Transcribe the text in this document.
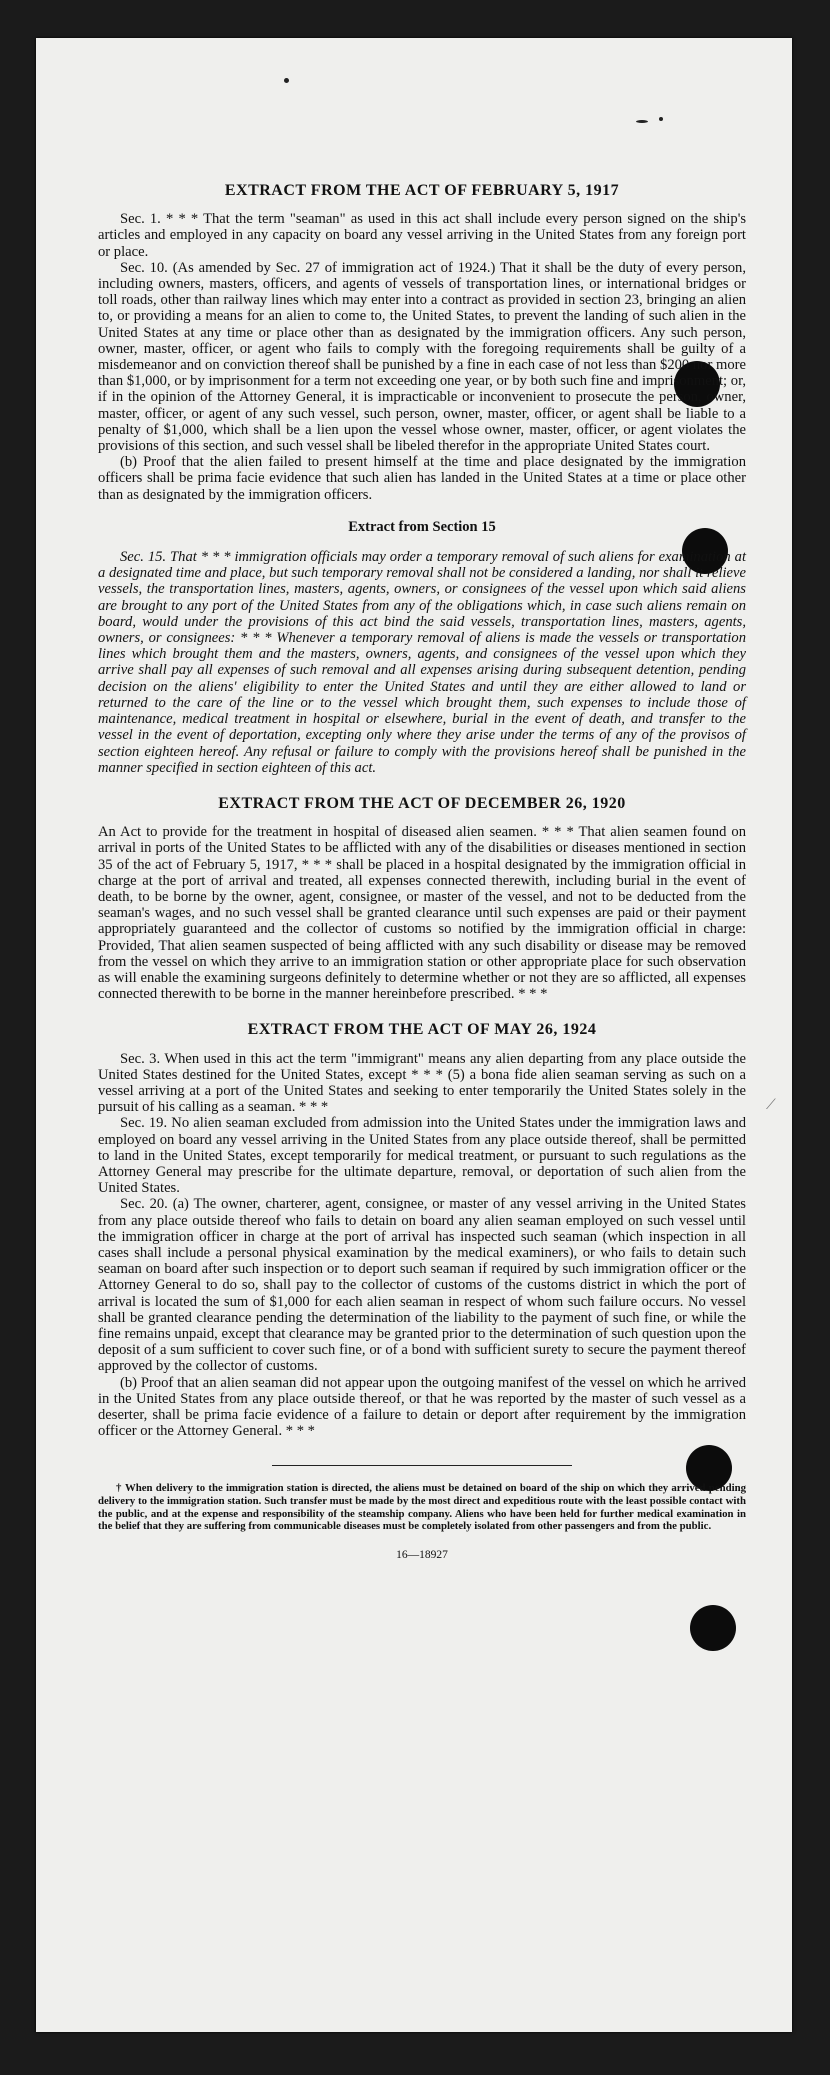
⟋
EXTRACT FROM THE ACT OF FEBRUARY 5, 1917

Sec. 1. * * * That the term "seaman" as used in this act shall include every person signed on the ship's articles and employed in any capacity on board any vessel arriving in the United States from any foreign port or place.

Sec. 10. (As amended by Sec. 27 of immigration act of 1924.) That it shall be the duty of every person, including owners, masters, officers, and agents of vessels of transportation lines, or international bridges or toll roads, other than railway lines which may enter into a contract as provided in section 23, bringing an alien to, or providing a means for an alien to come to, the United States, to prevent the landing of such alien in the United States at any time or place other than as designated by the immigration officers. Any such person, owner, master, officer, or agent who fails to comply with the foregoing requirements shall be guilty of a misdemeanor and on conviction thereof shall be punished by a fine in each case of not less than $200 nor more than $1,000, or by imprisonment for a term not exceeding one year, or by both such fine and imprisonment; or, if in the opinion of the Attorney General, it is impracticable or inconvenient to prosecute the person, owner, master, officer, or agent of any such vessel, such person, owner, master, officer, or agent shall be liable to a penalty of $1,000, which shall be a lien upon the vessel whose owner, master, officer, or agent violates the provisions of this section, and such vessel shall be libeled therefor in the appropriate United States court.

(b) Proof that the alien failed to present himself at the time and place designated by the immigration officers shall be prima facie evidence that such alien has landed in the United States at a time or place other than as designated by the immigration officers.

Extract from Section 15

Sec. 15. That * * * immigration officials may order a temporary removal of such aliens for examination at a designated time and place, but such temporary removal shall not be considered a landing, nor shall it relieve vessels, the transportation lines, masters, agents, owners, or consignees of the vessel upon which said aliens are brought to any port of the United States from any of the obligations which, in case such aliens remain on board, would under the provisions of this act bind the said vessels, transportation lines, masters, agents, owners, or consignees: * * * Whenever a temporary removal of aliens is made the vessels or transportation lines which brought them and the masters, owners, agents, and consignees of the vessel upon which they arrive shall pay all expenses of such removal and all expenses arising during subsequent detention, pending decision on the aliens' eligibility to enter the United States and until they are either allowed to land or returned to the care of the line or to the vessel which brought them, such expenses to include those of maintenance, medical treatment in hospital or elsewhere, burial in the event of death, and transfer to the vessel in the event of deportation, excepting only where they arise under the terms of any of the provisos of section eighteen hereof. Any refusal or failure to comply with the provisions hereof shall be punished in the manner specified in section eighteen of this act.

EXTRACT FROM THE ACT OF DECEMBER 26, 1920

An Act to provide for the treatment in hospital of diseased alien seamen. * * * That alien seamen found on arrival in ports of the United States to be afflicted with any of the disabilities or diseases mentioned in section 35 of the act of February 5, 1917, * * * shall be placed in a hospital designated by the immigration official in charge at the port of arrival and treated, all expenses connected therewith, including burial in the event of death, to be borne by the owner, agent, consignee, or master of the vessel, and not to be deducted from the seaman's wages, and no such vessel shall be granted clearance until such expenses are paid or their payment appropriately guaranteed and the collector of customs so notified by the immigration official in charge: Provided, That alien seamen suspected of being afflicted with any such disability or disease may be removed from the vessel on which they arrive to an immigration station or other appropriate place for such observation as will enable the examining surgeons definitely to determine whether or not they are so afflicted, all expenses connected therewith to be borne in the manner hereinbefore prescribed. * * *

EXTRACT FROM THE ACT OF MAY 26, 1924

Sec. 3. When used in this act the term "immigrant" means any alien departing from any place outside the United States destined for the United States, except * * * (5) a bona fide alien seaman serving as such on a vessel arriving at a port of the United States and seeking to enter temporarily the United States solely in the pursuit of his calling as a seaman. * * *

Sec. 19. No alien seaman excluded from admission into the United States under the immigration laws and employed on board any vessel arriving in the United States from any place outside thereof, shall be permitted to land in the United States, except temporarily for medical treatment, or pursuant to such regulations as the Attorney General may prescribe for the ultimate departure, removal, or deportation of such alien from the United States.

Sec. 20. (a) The owner, charterer, agent, consignee, or master of any vessel arriving in the United States from any place outside thereof who fails to detain on board any alien seaman employed on such vessel until the immigration officer in charge at the port of arrival has inspected such seaman (which inspection in all cases shall include a personal physical examination by the medical examiners), or who fails to detain such seaman on board after such inspection or to deport such seaman if required by such immigration officer or the Attorney General to do so, shall pay to the collector of customs of the customs district in which the port of arrival is located the sum of $1,000 for each alien seaman in respect of whom such failure occurs. No vessel shall be granted clearance pending the determination of the liability to the payment of such fine, or while the fine remains unpaid, except that clearance may be granted prior to the determination of such question upon the deposit of a sum sufficient to cover such fine, or of a bond with sufficient surety to secure the payment thereof approved by the collector of customs.

(b) Proof that an alien seaman did not appear upon the outgoing manifest of the vessel on which he arrived in the United States from any place outside thereof, or that he was reported by the master of such vessel as a deserter, shall be prima facie evidence of a failure to detain or deport after requirement by the immigration officer or the Attorney General. * * *

† When delivery to the immigration station is directed, the aliens must be detained on board of the ship on which they arrived pending delivery to the immigration station. Such transfer must be made by the most direct and expeditious route with the least possible contact with the public, and at the expense and responsibility of the steamship company. Aliens who have been held for further medical examination in the belief that they are suffering from communicable diseases must be completely isolated from other passengers and from the public.

16—18927
